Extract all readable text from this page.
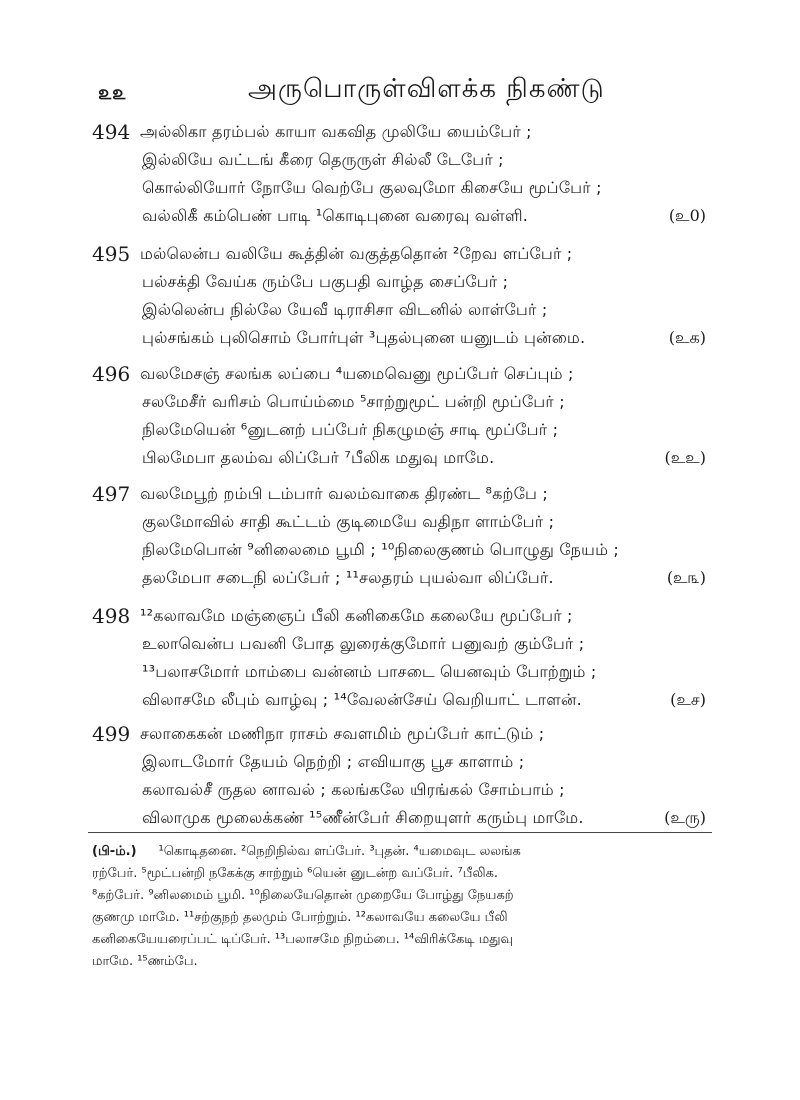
௨௨	அருபொருள்விளக்க நிகண்டு
494 அல்லிகா தரம்பல் காயா வகவித முலியே யைம்பேர் ;
இல்லியே வட்டங் கீரை தெருருள் சில்லீ டேபேர் ;
கொல்லியோர் நோயே வெற்பே குலவுமோ கிசையே மூப்பேர் ;
வல்லிகீ கம்பெண் பாடி ¹கொடிபுனை வரைவு வள்ளி.	(உ0)
495 மல்லென்ப வலியே கூத்தின் வகுத்ததொன் ²றேவ ளப்பேர் ;
பல்சக்தி வேய்க ரும்பே பகுபதி வாழ்த சைப்பேர் ;
இல்லென்ப நில்லே யேவீ டிராசிசா விடனில் லாள்பேர் ;
புல்சங்கம் புலிசொம் போர்புள் ³புதல்புனை யனுடம் புன்மை.	(உக)
496 வலமேசஞ் சலங்க லப்பை ⁴யமைவெனு மூப்பேர் செப்பும் ;
சலமேசீர் வரிசம் பொய்ம்மை ⁵சாற்றுமூட் பன்றி மூப்பேர் ;
நிலமேயென் ⁶னுடனற் பப்பேர் நிகழுமஞ் சாடி மூப்பேர் ;
பிலமேபா தலம்வ லிப்பேர் ⁷பீலிக மதுவு மாமே.	(உஉ)
497 வலமேபூற் றம்பி டம்பார் வலம்வாகை திரண்ட ⁸கற்பே ;
குலமோவில் சாதி கூட்டம் குடிமையே வதிநா ளாம்பேர் ;
நிலமேபொன் ⁹னிலைமை பூமி ; ¹⁰நிலைகுணம் பொழுது நேயம் ;
தலமேபா சடைநி லப்பேர் ; ¹¹சலதரம் புயல்வா லிப்பேர்.	(உ௩)
498 ¹²கலாவமே மஞ்ஞைப் பீலி கனிகைமே கலையே மூப்பேர் ;
உலாவென்ப பவனி போத லுரைக்குமோர் பனுவற் கும்பேர் ;
¹³பலாசமோர் மாம்பை வன்னம் பாசடை யெனவும் போற்றும் ;
விலாசமே லீபும் வாழ்வு ; ¹⁴வேலன்சேய் வெறியாட் டாளன்.	(உச)
499 சலாகைகன் மணிநா ராசம் சவளமிம் மூப்பேர் காட்டும் ;
இலாடமோர் தேயம் நெற்றி ; எவியாகு பூச காளாம் ;
கலாவல்சீ ருதல னாவல் ; கலங்கலே யிரங்கல் சோம்பாம் ;
விலாமுக மூலைக்கண் ¹⁵ணீன்பேர் சிறையுளர் கரும்பு மாமே.	(உரு)
(பி-ம்.) ¹கொடிதனை. ²நெறிநில்வ ளப்பேர். ³புதன். ⁴யமைவுட லலங்க
ரற்பேர். ⁵மூட்பன்றி நகேக்கு சாற்றும் ⁶யென் னுடன்ற வப்பேர். ⁷பீலிக.
⁸கற்பேர். ⁹னிலமைம் பூமி. ¹⁰நிலையேதொன் முறையே போழ்து நேயகற்
குணமு மாமே. ¹¹சற்குநற் தலமும் போற்றும். ¹²கலாவயே கலையே பீலி
கனிகையேயரைப்பட் டிப்பேர். ¹³பலாசமே நிறம்பை. ¹⁴விரிக்கேடி மதுவு
மாமே. ¹⁵ணம்பே.
